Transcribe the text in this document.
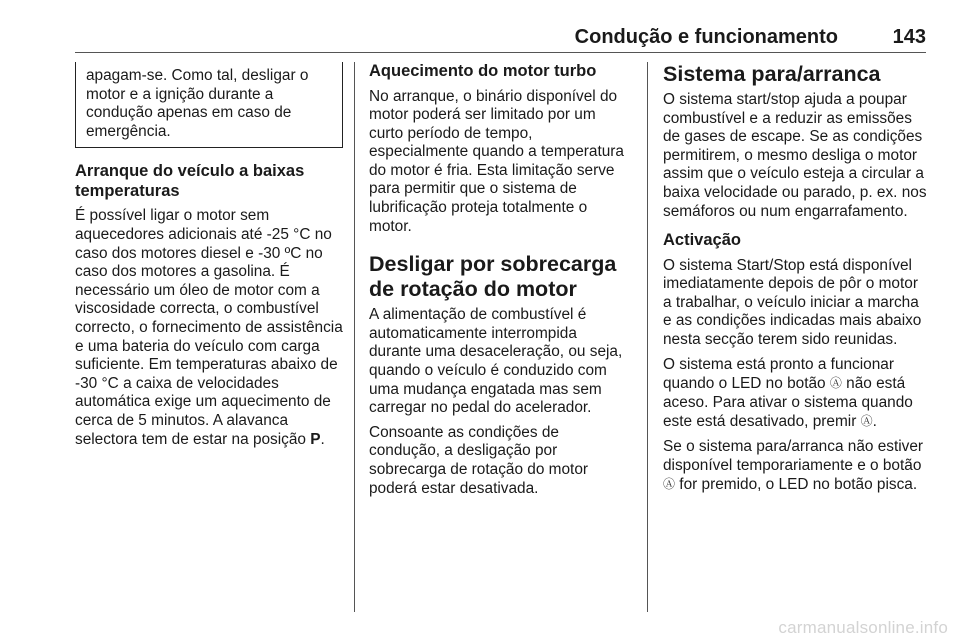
Condução e funcionamento	143

apagam-se. Como tal, desligar o motor e a ignição durante a condução apenas em caso de emergência.

Arranque do veículo a baixas temperaturas

É possível ligar o motor sem aquecedores adicionais até -25 °C no caso dos motores diesel e -30 ºC no caso dos motores a gasolina. É necessário um óleo de motor com a viscosidade correcta, o combustível correcto, o fornecimento de assistência e uma bateria do veículo com carga suficiente. Em temperaturas abaixo de -30 °C a caixa de velocidades automática exige um aquecimento de cerca de 5 minutos. A alavanca selectora tem de estar na posição P.

Aquecimento do motor turbo

No arranque, o binário disponível do motor poderá ser limitado por um curto período de tempo, especialmente quando a temperatura do motor é fria. Esta limitação serve para permitir que o sistema de lubrificação proteja totalmente o motor.

Desligar por sobrecarga de rotação do motor

A alimentação de combustível é automaticamente interrompida durante uma desaceleração, ou seja, quando o veículo é conduzido com uma mudança engatada mas sem carregar no pedal do acelerador.

Consoante as condições de condução, a desligação por sobrecarga de rotação do motor poderá estar desativada.

Sistema para/arranca

O sistema start/stop ajuda a poupar combustível e a reduzir as emissões de gases de escape. Se as condições permitirem, o mesmo desliga o motor assim que o veículo esteja a circular a baixa velocidade ou parado, p. ex. nos semáforos ou num engarrafamento.

Activação

O sistema Start/Stop está disponível imediatamente depois de pôr o motor a trabalhar, o veículo iniciar a marcha e as condições indicadas mais abaixo nesta secção terem sido reunidas.

O sistema está pronto a funcionar quando o LED no botão Ⓐ não está aceso. Para ativar o sistema quando este está desativado, premir Ⓐ.

Se o sistema para/arranca não estiver disponível temporariamente e o botão Ⓐ for premido, o LED no botão pisca.

carmanualsonline.info
